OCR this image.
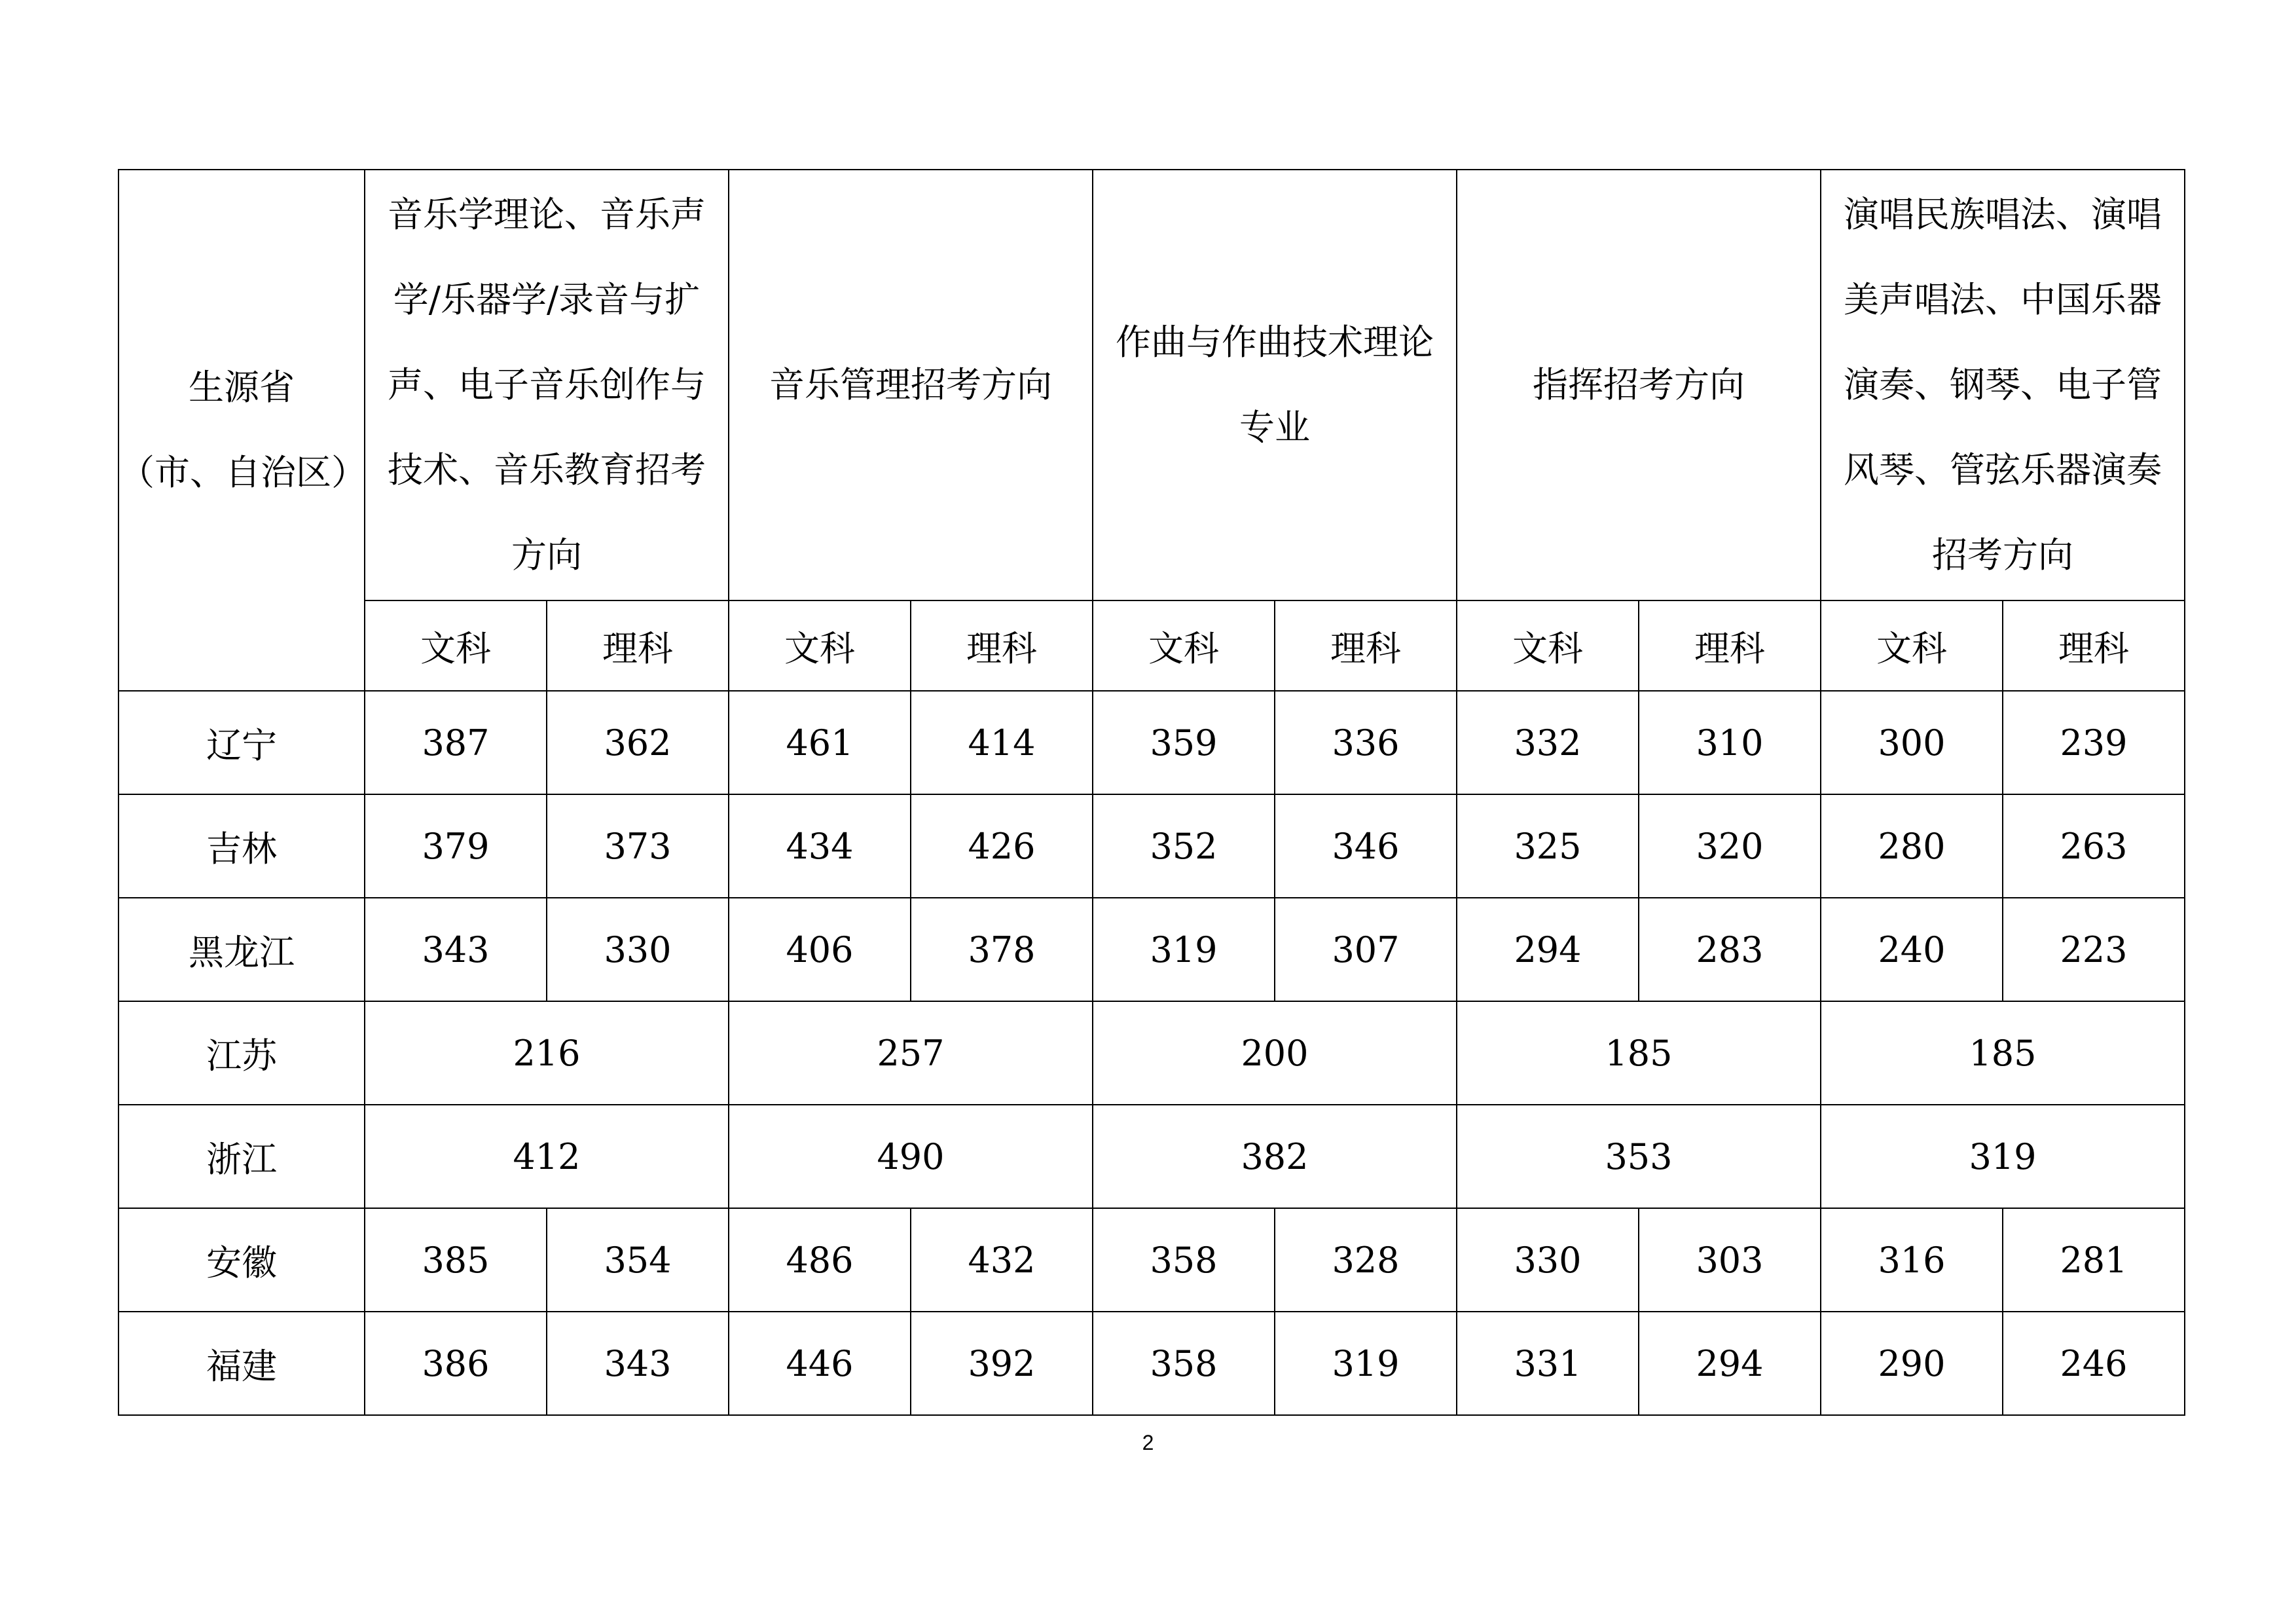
生源省
（市、自治区）	音乐学理论、音乐声
学/乐器学/录音与扩
声、电子音乐创作与
技术、音乐教育招考
方向		音乐管理招考方向		作曲与作曲技术理论
专业		指挥招考方向		演唱民族唱法、演唱
美声唱法、中国乐器
演奏、钢琴、电子管
风琴、管弦乐器演奏
招考方向	

	文科	理科	文科	理科	文科	理科	文科	理科	文科	理科
辽宁	387	362	461	414	359	336	332	310	300	239
吉林	379	373	434	426	352	346	325	320	280	263
黑龙江	343	330	406	378	319	307	294	283	240	223
江苏	216		257		200		185		185	
浙江	412		490		382		353		319	
安徽	385	354	486	432	358	328	330	303	316	281
福建	386	343	446	392	358	319	331	294	290	246
2
